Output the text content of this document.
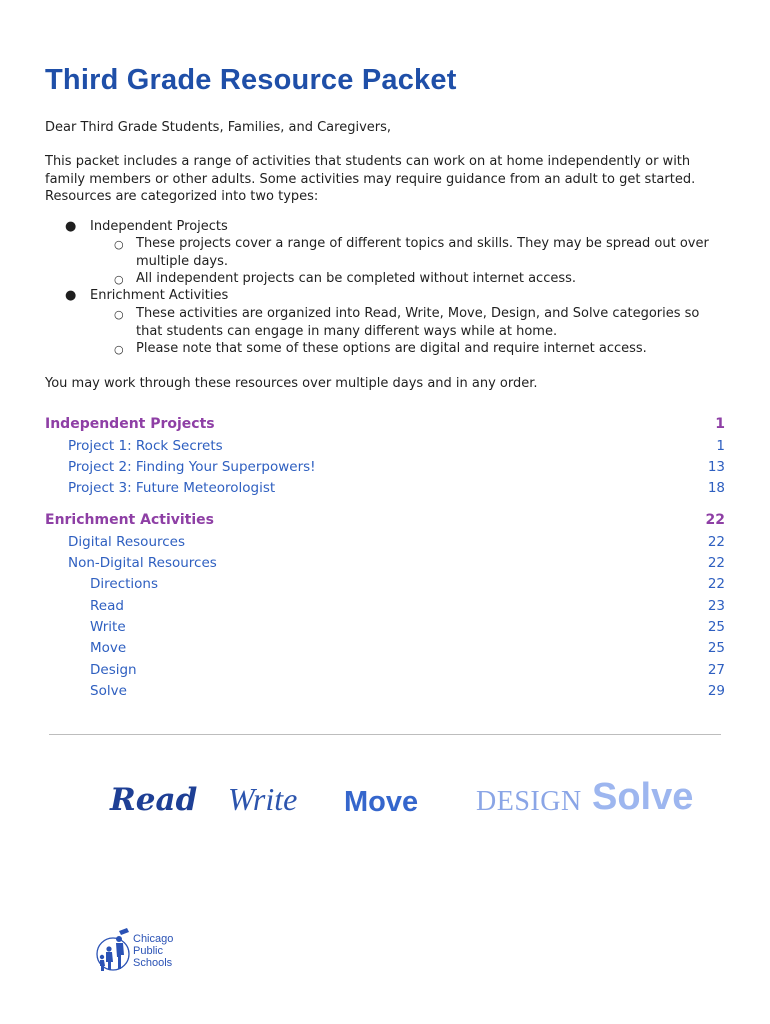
Third Grade Resource Packet

Dear Third Grade Students, Families, and Caregivers,

This packet includes a range of activities that students can work on at home independently or with family members or other adults. Some activities may require guidance from an adult to get started. Resources are categorized into two types:

● Independent Projects
○ These projects cover a range of different topics and skills. They may be spread out over multiple days.
○ All independent projects can be completed without internet access.
● Enrichment Activities
○ These activities are organized into Read, Write, Move, Design, and Solve categories so that students can engage in many different ways while at home.
○ Please note that some of these options are digital and require internet access.

You may work through these resources over multiple days and in any order.

Independent Projects	1
Project 1: Rock Secrets	1
Project 2: Finding Your Superpowers!	13
Project 3: Future Meteorologist	18
Enrichment Activities	22
Digital Resources	22
Non-Digital Resources	22
Directions	22
Read	23
Write	25
Move	25
Design	27
Solve	29
Read Write Move DESIGN Solve
Chicago
Public
Schools
